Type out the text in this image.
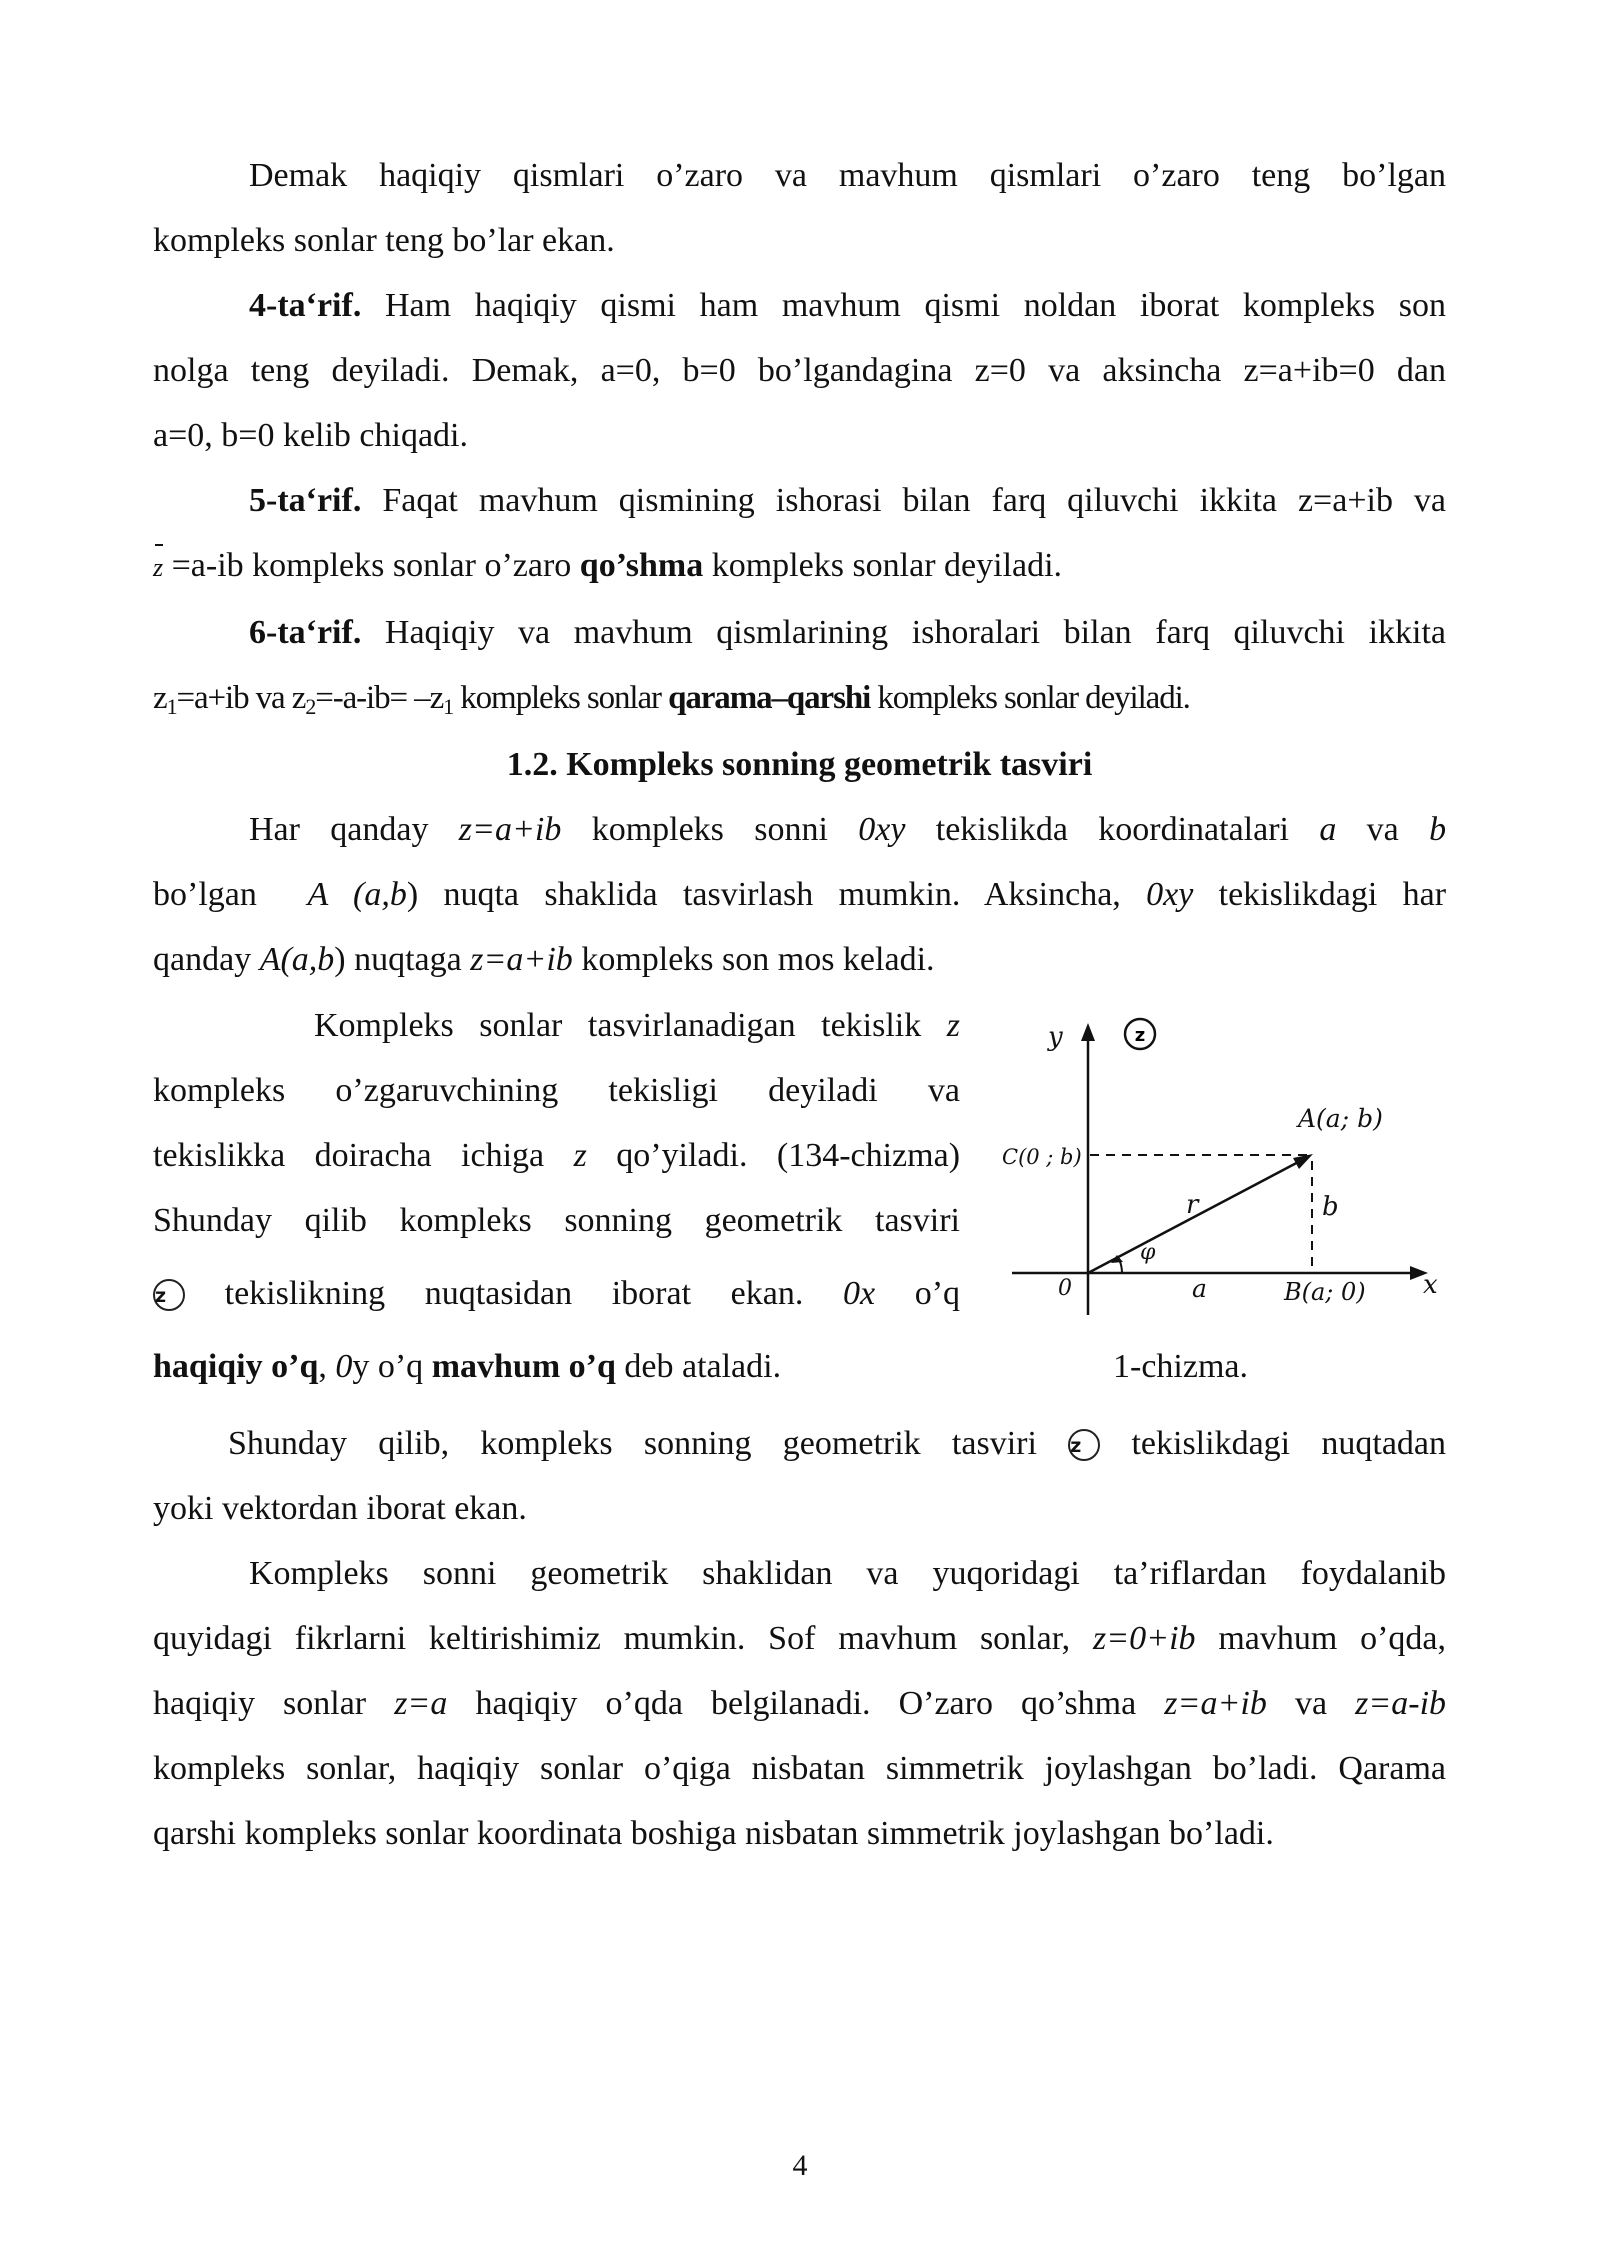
Demak haqiqiy qismlari o’zaro va mavhum qismlari o’zaro teng bo’lgan
kompleks sonlar teng bo’lar ekan.
4-ta‘rif. Ham haqiqiy qismi ham mavhum qismi noldan iborat kompleks son
nolga teng deyiladi. Demak, a=0, b=0 bo’lgandagina z=0 va aksincha z=a+ib=0 dan
a=0, b=0 kelib chiqadi.
5-ta‘rif. Faqat mavhum qismining ishorasi bilan farq qiluvchi ikkita z=a+ib va
z =a-ib kompleks sonlar o’zaro qo’shma kompleks sonlar deyiladi.
6-ta‘rif. Haqiqiy va mavhum qismlarining ishoralari bilan farq qiluvchi ikkita
$z_1=a+ib$ va $z_2=-a-ib= -z_1$ kompleks sonlar qarama–qarshi kompleks sonlar deyiladi.
1.2. Kompleks sonning geometrik tasviri
Har qanday z=a+ib kompleks sonni 0xy tekislikda koordinatalari a va b
bo’lgan A (a,b) nuqta shaklida tasvirlash mumkin. Aksincha, 0xy tekislikdagi har
qanday A(a,b) nuqtaga z=a+ib kompleks son mos keladi.
Kompleks sonlar tasvirlanadigan tekislik z
kompleks o’zgaruvchining tekisligi deyiladi va
tekislikka doiracha ichiga z qo’yiladi. (134-chizma)
Shunday qilib kompleks sonning geometrik tasviri
z tekislikning nuqtasidan iborat ekan. 0x o’q
haqiqiy o’q, 0y o’q mavhum o’q deb ataladi.
y	z
A(a; b)
C(0 ; b)
r	b
φ
0	a	B(a; 0) x
1-chizma.
Shunday qilib, kompleks sonning geometrik tasviri z tekislikdagi nuqtadan
yoki vektordan iborat ekan.
Kompleks sonni geometrik shaklidan va yuqoridagi ta’riflardan foydalanib
quyidagi fikrlarni keltirishimiz mumkin. Sof mavhum sonlar, z=0+ib mavhum o’qda,
haqiqiy sonlar z=a haqiqiy o’qda belgilanadi. O’zaro qo’shma z=a+ib va z=a-ib
kompleks sonlar, haqiqiy sonlar o’qiga nisbatan simmetrik joylashgan bo’ladi. Qarama
qarshi kompleks sonlar koordinata boshiga nisbatan simmetrik joylashgan bo’ladi.
4
